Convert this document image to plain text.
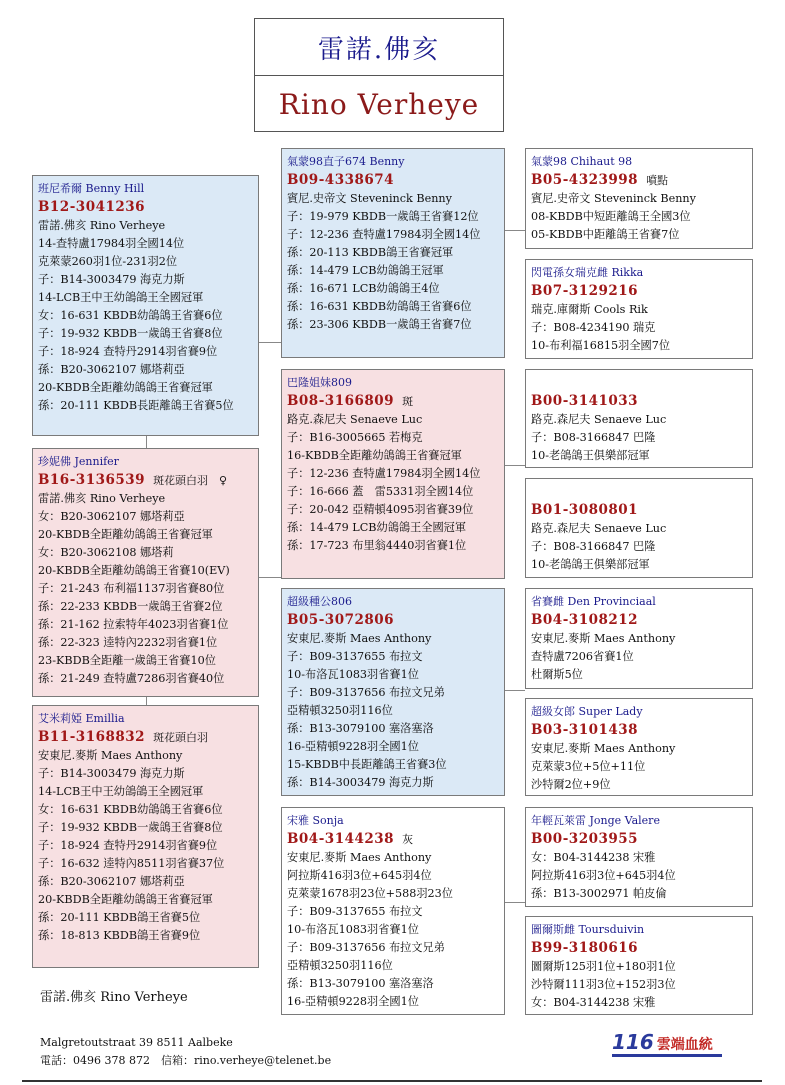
雷諾.佛亥
Rino Verheye
班尼希爾 Benny Hill
B12-3041236
雷諾.佛亥 Rino Verheye
14-查特盧17984羽全國14位
克萊蒙260羽1位-231羽2位
子：B14-3003479 海克力斯
14-LCB王中王幼鴿鴿王全國冠軍
女：16-631 KBDB幼鴿鴿王省賽6位
子：19-932 KBDB一歲鴿王省賽8位
子：18-924 查特丹2914羽省賽9位
孫：B20-3062107 娜塔莉亞
20-KBDB全距離幼鴿鴿王省賽冠軍
孫：20-111 KBDB長距離鴿王省賽5位
珍妮佛 Jennifer
B16-3136539 斑花頭白羽　♀
雷諾.佛亥 Rino Verheye
女：B20-3062107 娜塔莉亞
20-KBDB全距離幼鴿鴿王省賽冠軍
女：B20-3062108 娜塔莉
20-KBDB全距離幼鴿鴿王省賽10(EV)
子：21-243 布利福1137羽省賽80位
孫：22-233 KBDB一歲鴿王省賽2位
孫：21-162 拉索特年4023羽省賽1位
孫：22-323 逵特內2232羽省賽1位
23-KBDB全距離一歲鴿王省賽10位
孫：21-249 查特盧7286羽省賽40位
艾米莉婭 Emillia
B11-3168832 斑花頭白羽
安東尼.麥斯 Maes Anthony
子：B14-3003479 海克力斯
14-LCB王中王幼鴿鴿王全國冠軍
女：16-631 KBDB幼鴿鴿王省賽6位
子：19-932 KBDB一歲鴿王省賽8位
子：18-924 查特丹2914羽省賽9位
子：16-632 逵特內8511羽省賽37位
孫：B20-3062107 娜塔莉亞
20-KBDB全距離幼鴿鴿王省賽冠軍
孫：20-111 KBDB鴿王省賽5位
孫：18-813 KBDB鴿王省賽9位
氣蒙98直子674 Benny
B09-4338674
賓尼.史帝文 Steveninck Benny
子：19-979 KBDB一歲鴿王省賽12位
子：12-236 查特盧17984羽全國14位
孫：20-113 KBDB鴿王省賽冠軍
孫：14-479 LCB幼鴿鴿王冠軍
孫：16-671 LCB幼鴿鴿王4位
孫：16-631 KBDB幼鴿鴿王省賽6位
孫：23-306 KBDB一歲鴿王省賽7位
巴隆姐妹809
B08-3166809 斑
路克.森尼夫 Senaeve Luc
子：B16-3005665 若梅克
16-KBDB全距離幼鴿鴿王省賽冠軍
子：12-236 查特盧17984羽全國14位
子：16-666 蓋　雷5331羽全國14位
子：20-042 亞精頓4095羽省賽39位
孫：14-479 LCB幼鴿鴿王全國冠軍
孫：17-723 布里翁4440羽省賽1位
超級種公806
B05-3072806
安東尼.麥斯 Maes Anthony
子：B09-3137655 布拉文
10-布洛瓦1083羽省賽1位
子：B09-3137656 布拉文兄弟
亞精頓3250羽116位
孫：B13-3079100 塞洛塞洛
16-亞精頓9228羽全國1位
15-KBDB中長距離鴿王省賽3位
孫：B14-3003479 海克力斯
宋雅 Sonja
B04-3144238 灰
安東尼.麥斯 Maes Anthony
阿拉斯416羽3位+645羽4位
克萊蒙1678羽23位+588羽23位
子：B09-3137655 布拉文
10-布洛瓦1083羽省賽1位
子：B09-3137656 布拉文兄弟
亞精頓3250羽116位
孫：B13-3079100 塞洛塞洛
16-亞精頓9228羽全國1位
氣蒙98 Chihaut 98
B05-4323998 噴點
賓尼.史帝文 Steveninck Benny
08-KBDB中短距離鴿王全國3位
05-KBDB中距離鴿王省賽7位
閃電孫女瑞克雌 Rikka
B07-3129216
瑞克.庫爾斯 Cools Rik
子：B08-4234190 瑞克
10-布利福16815羽全國7位
B00-3141033
路克.森尼夫 Senaeve Luc
子：B08-3166847 巴隆
10-老鴿鴿王俱樂部冠軍
B01-3080801
路克.森尼夫 Senaeve Luc
子：B08-3166847 巴隆
10-老鴿鴿王俱樂部冠軍
省賽雌 Den Provinciaal
B04-3108212
安東尼.麥斯 Maes Anthony
查特盧7206省賽1位
杜爾斯5位
超級女郎 Super Lady
B03-3101438
安東尼.麥斯 Maes Anthony
克萊蒙3位+5位+11位
沙特爾2位+9位
年輕瓦萊雷 Jonge Valere
B00-3203955
女：B04-3144238 宋雅
阿拉斯416羽3位+645羽4位
孫：B13-3002971 帕皮倫
圖爾斯雌 Toursduivin
B99-3180616
圖爾斯125羽1位+180羽1位
沙特爾111羽3位+152羽3位
女：B04-3144238 宋雅
雷諾.佛亥 Rino Verheye
Malgretoutstraat 39 8511 Aalbeke
電話：0496 378 872　信箱：rino.verheye@telenet.be
116 雲端血統
